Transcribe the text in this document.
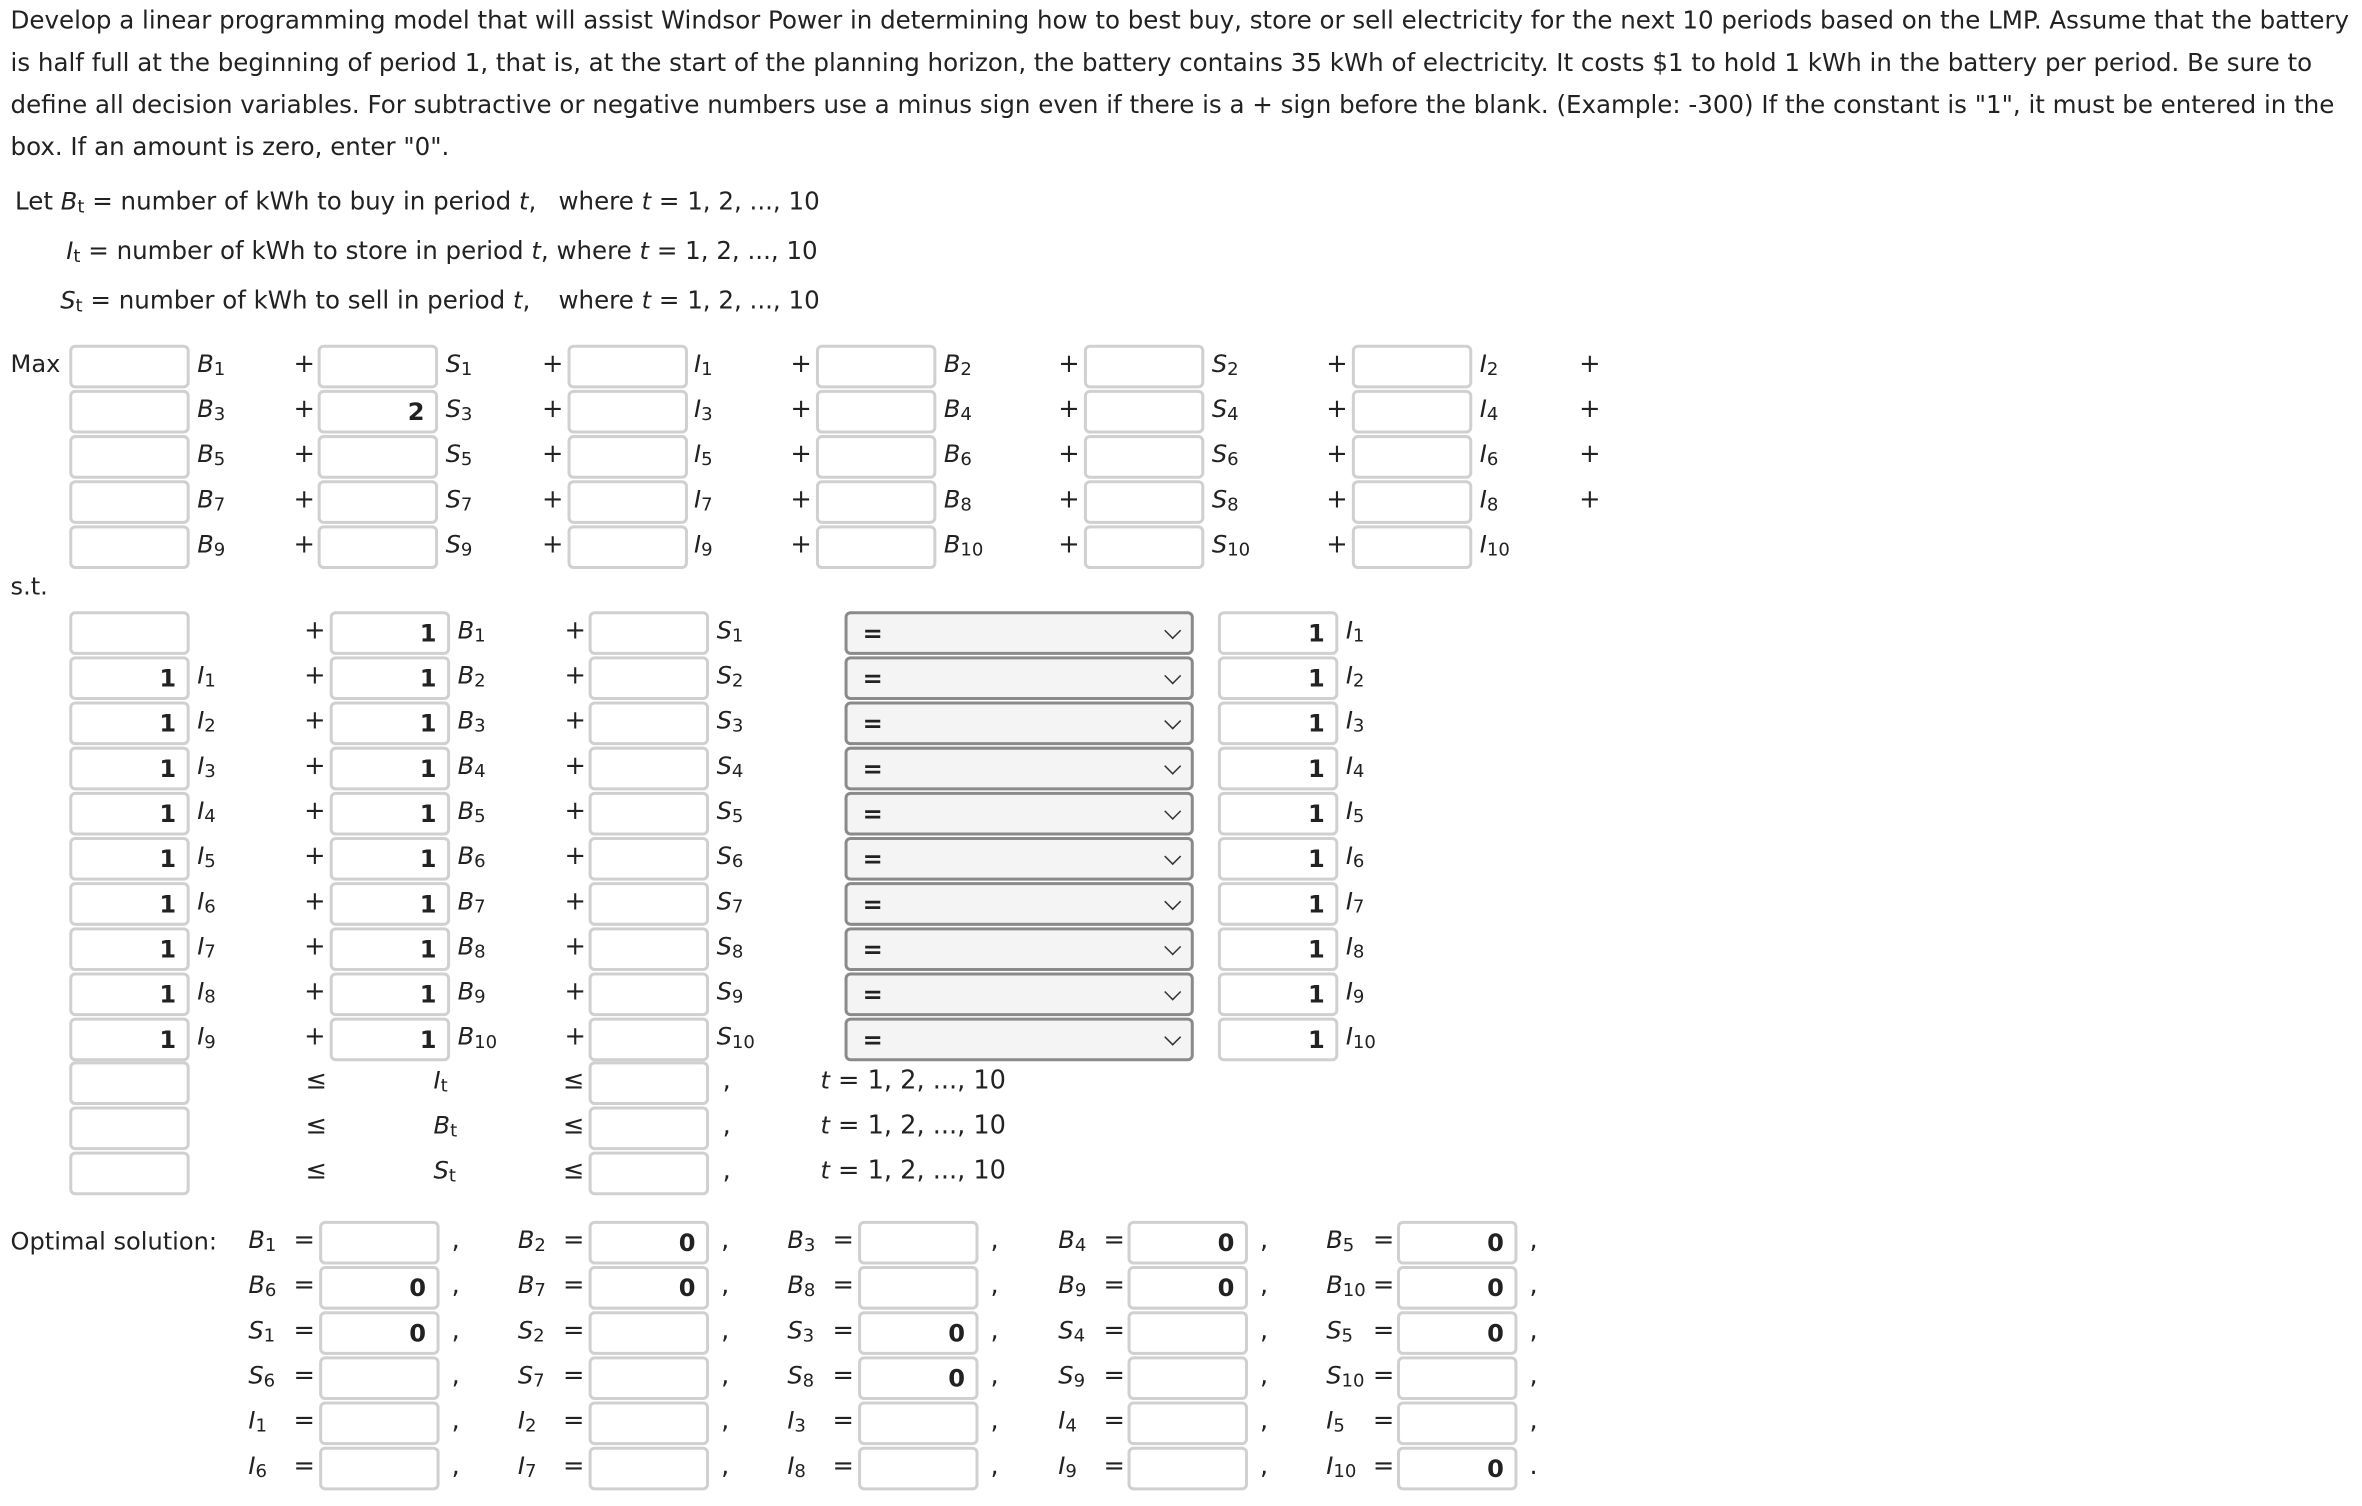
Develop a linear programming model that will assist Windsor Power in determining how to best buy, store or sell electricity for the next 10 periods based on the LMP. Assume that the battery is half full at the beginning of period 1, that is, at the start of the planning horizon, the battery contains 35 kWh of electricity. It costs $1 to hold 1 kWh in the battery per period. Be sure to define all decision variables. For subtractive or negative numbers use a minus sign even if there is a + sign before the blank. (Example: -300) If the constant is "1", it must be entered in the box. If an amount is zero, enter "0".
Let $B_t$ = number of kWh to buy in period t, where t = 1, 2, ..., 10
$I_t$ = number of kWh to store in period t, where t = 1, 2, ..., 10
$S_t$ = number of kWh to sell in period t, where t = 1, 2, ..., 10
Max	$B_1$	+	$S_1$	+	$I_1$	+	$B_2$	+	$S_2$	+	$I_2$	+
$B_3$	+	2	$S_3$	+	$I_3$	+	$B_4$	+	$S_4$	+	$I_4$	+
$B_5$	+	$S_5$	+	$I_5$	+	$B_6$	+	$S_6$	+	$I_6$	+
$B_7$	+	$S_7$	+	$I_7$	+	$B_8$	+	$S_8$	+	$I_8$	+
$B_9$	+	$S_9$	+	$I_9$	+	$B_{10}$	+	$S_{10}$	+	$I_{10}$
s.t.
+	1	$B_1$	+	$S_1$	=	1	$I_1$
1	$I_1$	+	1	$B_2$	+	$S_2$	=	1	$I_2$
1	$I_2$	+	1	$B_3$	+	$S_3$	=	1	$I_3$
1	$I_3$	+	1	$B_4$	+	$S_4$	=	1	$I_4$
1	$I_4$	+	1	$B_5$	+	$S_5$	=	1	$I_5$
1	$I_5$	+	1	$B_6$	+	$S_6$	=	1	$I_6$
1	$I_6$	+	1	$B_7$	+	$S_7$	=	1	$I_7$
1	$I_7$	+	1	$B_8$	+	$S_8$	=	1	$I_8$
1	$I_8$	+	1	$B_9$	+	$S_9$	=	1	$I_9$
1	$I_9$	+	1	$B_{10}$	+	$S_{10}$	=	1	$I_{10}$
≤	$I_t$	≤	,	t = 1, 2, ..., 10
≤	$B_t$	≤	,	t = 1, 2, ..., 10
≤	$S_t$	≤	,	t = 1, 2, ..., 10
Optimal solution: $B_1$ =	,	$B_2$ =	0	,	$B_3$ =	,	$B_4$ =	0	,	$B_5$ =	0	,
$B_6$ =	0	,	$B_7$ =	0	,	$B_8$ =	,	$B_9$ =	0	,	$B_{10}$ =	0	,
$S_1$ =	0	,	$S_2$ =	,	$S_3$ =	0	,	$S_4$ =	,	$S_5$ =	0	,
$S_6$ =	,	$S_7$ =	,	$S_8$ =	0	,	$S_9$ =	,	$S_{10}$ =	,
$I_1$ =	,	$I_2$ =	,	$I_3$ =	,	$I_4$ =	,	$I_5$ =	,
$I_6$ =	,	$I_7$ =	,	$I_8$ =	,	$I_9$ =	,	$I_{10}$ =	0	.
